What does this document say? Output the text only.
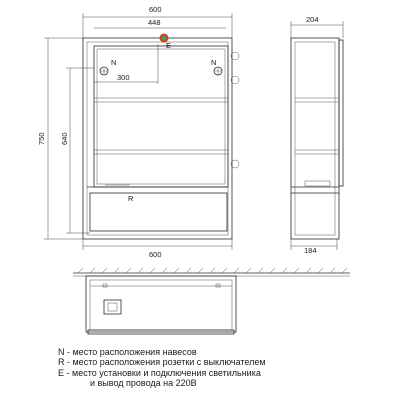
600
448
300
N	N
E
R
750 640
600
204
184
N - место расположения навесов
R - место расположения розетки с выключателем
E - место установки и подключения светильника
и вывод провода на 220В
